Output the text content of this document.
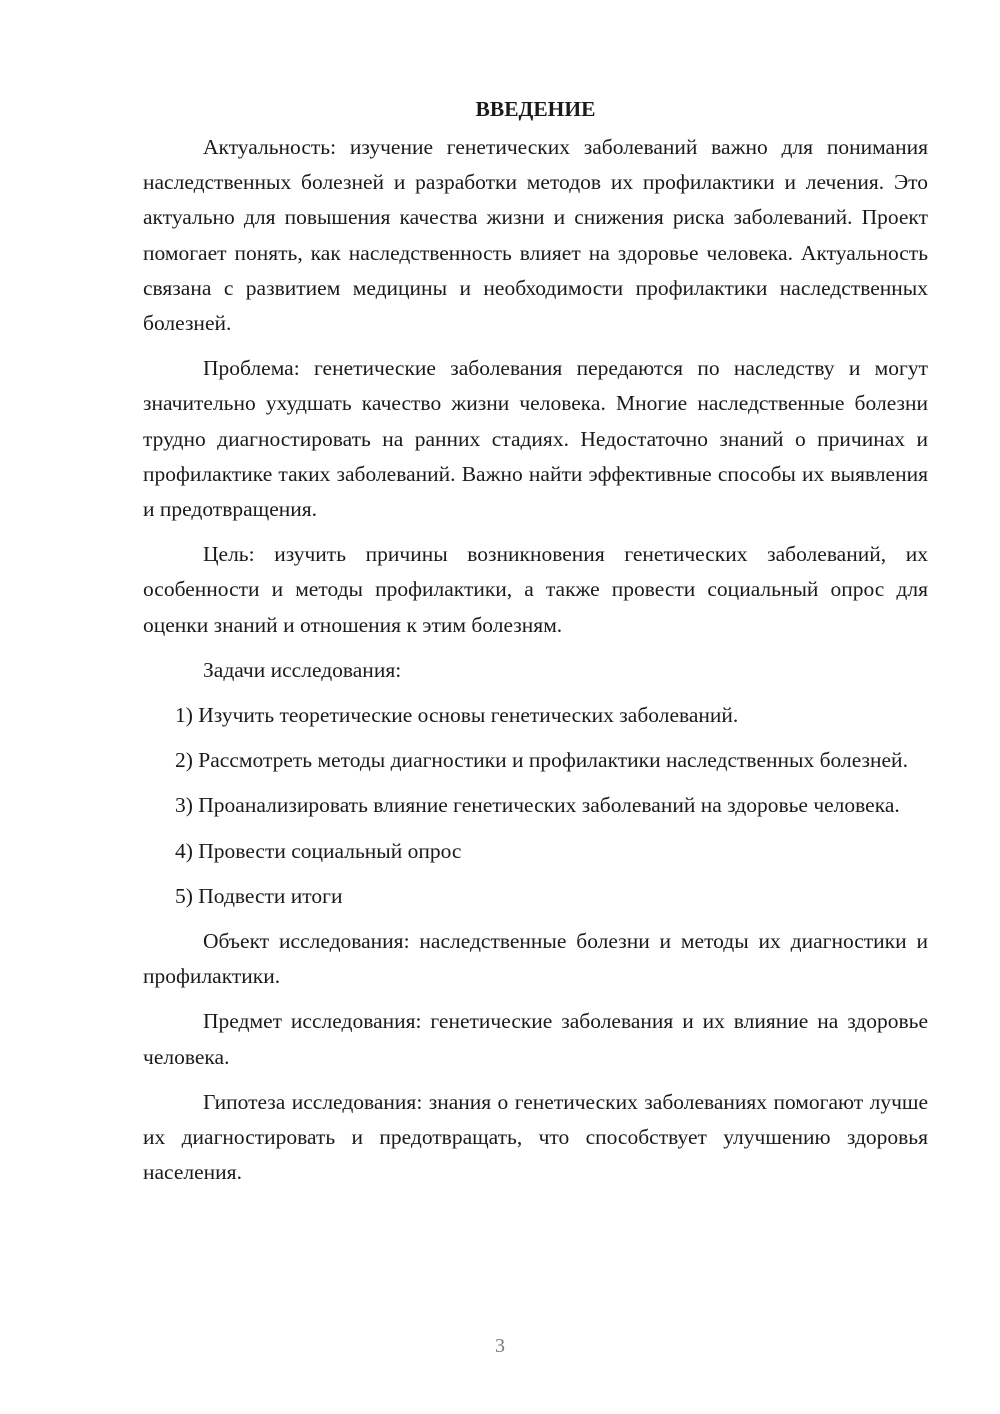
ВВЕДЕНИЕ

Актуальность: изучение генетических заболеваний важно для понимания наследственных болезней и разработки методов их профилактики и лечения. Это актуально для повышения качества жизни и снижения риска заболеваний. Проект помогает понять, как наследственность влияет на здоровье человека. Актуальность связана с развитием медицины и необходимости профилактики наследственных болезней.

Проблема: генетические заболевания передаются по наследству и могут значительно ухудшать качество жизни человека. Многие наследственные болезни трудно диагностировать на ранних стадиях. Недостаточно знаний о причинах и профилактике таких заболеваний. Важно найти эффективные способы их выявления и предотвращения.

Цель: изучить причины возникновения генетических заболеваний, их особенности и методы профилактики, а также провести социальный опрос для оценки знаний и отношения к этим болезням.

Задачи исследования:

1) Изучить теоретические основы генетических заболеваний.

2) Рассмотреть методы диагностики и профилактики наследственных болезней.

3) Проанализировать влияние генетических заболеваний на здоровье человека.

4) Провести социальный опрос

5) Подвести итоги

Объект исследования: наследственные болезни и методы их диагностики и профилактики.

Предмет исследования: генетические заболевания и их влияние на здоровье человека.

Гипотеза исследования: знания о генетических заболеваниях помогают лучше их диагностировать и предотвращать, что способствует улучшению здоровья населения.

3
